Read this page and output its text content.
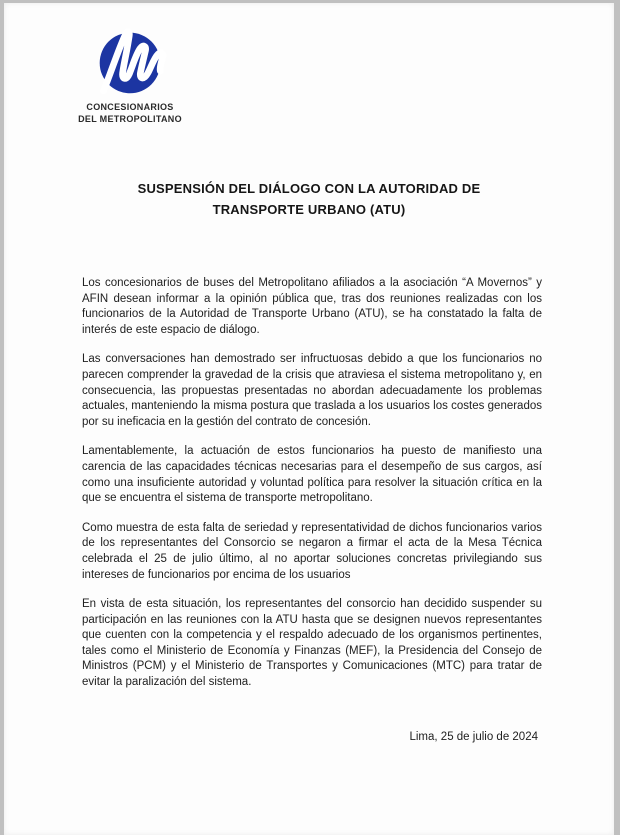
CONCESIONARIOS
DEL METROPOLITANO
SUSPENSIÓN DEL DIÁLOGO CON LA AUTORIDAD DE TRANSPORTE URBANO (ATU)

Los concesionarios de buses del Metropolitano afiliados a la asociación “A Movernos” y AFIN desean informar a la opinión pública que, tras dos reuniones realizadas con los funcionarios de la Autoridad de Transporte Urbano (ATU), se ha constatado la falta de interés de este espacio de diálogo.

Las conversaciones han demostrado ser infructuosas debido a que los funcionarios no parecen comprender la gravedad de la crisis que atraviesa el sistema metropolitano y, en consecuencia, las propuestas presentadas no abordan adecuadamente los problemas actuales, manteniendo la misma postura que traslada a los usuarios los costes generados por su ineficacia en la gestión del contrato de concesión.

Lamentablemente, la actuación de estos funcionarios ha puesto de manifiesto una carencia de las capacidades técnicas necesarias para el desempeño de sus cargos, así como una insuficiente autoridad y voluntad política para resolver la situación crítica en la que se encuentra el sistema de transporte metropolitano.

Como muestra de esta falta de seriedad y representatividad de dichos funcionarios varios de los representantes del Consorcio se negaron a firmar el acta de la Mesa Técnica celebrada el 25 de julio último, al no aportar soluciones concretas privilegiando sus intereses de funcionarios por encima de los usuarios

En vista de esta situación, los representantes del consorcio han decidido suspender su participación en las reuniones con la ATU hasta que se designen nuevos representantes que cuenten con la competencia y el respaldo adecuado de los organismos pertinentes, tales como el Ministerio de Economía y Finanzas (MEF), la Presidencia del Consejo de Ministros (PCM) y el Ministerio de Transportes y Comunicaciones (MTC) para tratar de evitar la paralización del sistema.

Lima, 25 de julio de 2024
